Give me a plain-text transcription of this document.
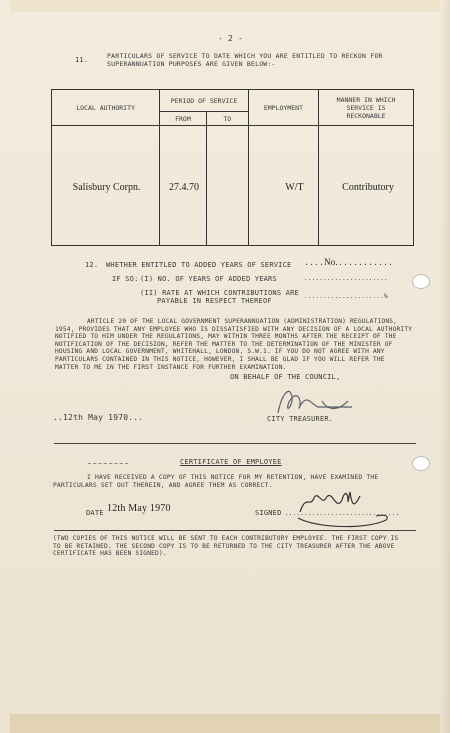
- 2 -
11.	PARTICULARS OF SERVICE TO DATE WHICH YOU ARE ENTITLED TO RECKON FOR
SUPERANNUATION PURPOSES ARE GIVEN BELOW:-
LOCAL AUTHORITY	PERIOD OF SERVICE		EMPLOYMENT	MANNER IN WHICH
SERVICE IS
RECKONABLE

	FROM	TO		

Salisbury Corpn.	27.4.70		W/T	Contributory
12. WHETHER ENTITLED TO ADDED YEARS OF SERVICE ....No............
IF SO: (I) NO. OF YEARS OF ADDED YEARS	......................
(II) RATE AT WHICH CONTRIBUTIONS ARE
PAYABLE IN RESPECT THEREOF
.....................%
ARTICLE 20 OF THE LOCAL GOVERNMENT SUPERANNUATION (ADMINISTRATION) REGULATIONS,
1954, PROVIDES THAT ANY EMPLOYEE WHO IS DISSATISFIED WITH ANY DECISION OF A LOCAL AUTHORITY
NOTIFIED TO HIM UNDER THE REGULATIONS, MAY WITHIN THREE MONTHS AFTER THE RECEIPT OF THE
NOTIFICATION OF THE DECISION, REFER THE MATTER TO THE DETERMINATION OF THE MINISTER OF
HOUSING AND LOCAL GOVERNMENT, WHITEHALL, LONDON, S.W.1. IF YOU DO NOT AGREE WITH ANY
PARTICULARS CONTAINED IN THIS NOTICE, HOWEVER, I SHALL BE GLAD IF YOU WILL REFER THE
MATTER TO ME IN THE FIRST INSTANCE FOR FURTHER EXAMINATION.
ON BEHALF OF THE COUNCIL,
..12th May 1970...	CITY TREASURER.
CERTIFICATE OF EMPLOYEE
I HAVE RECEIVED A COPY OF THIS NOTICE FOR MY RETENTION, HAVE EXAMINED THE
PARTICULARS SET OUT THEREIN, AND AGREE THEM AS CORRECT.
DATE 12th May 1970	SIGNED ..............................
(TWO COPIES OF THIS NOTICE WILL BE SENT TO EACH CONTRIBUTORY EMPLOYEE. THE FIRST COPY IS
TO BE RETAINED. THE SECOND COPY IS TO BE RETURNED TO THE CITY TREASURER AFTER THE ABOVE
CERTIFICATE HAS BEEN SIGNED).
